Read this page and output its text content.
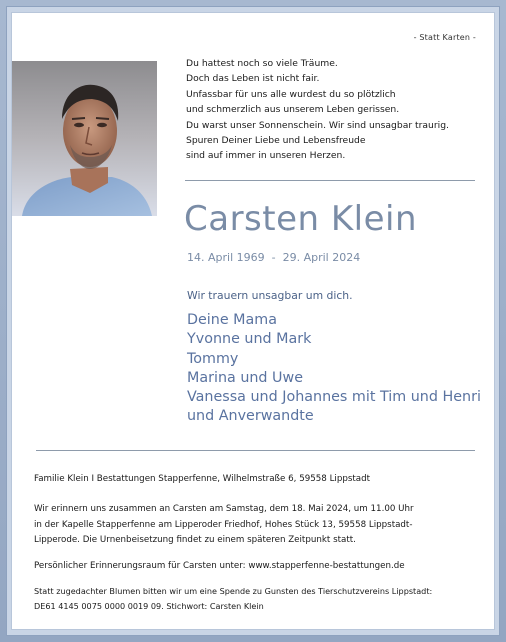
- Statt Karten -
Du hattest noch so viele Träume.
Doch das Leben ist nicht fair.
Unfassbar für uns alle wurdest du so plötzlich
und schmerzlich aus unserem Leben gerissen.
Du warst unser Sonnenschein. Wir sind unsagbar traurig.
Spuren Deiner Liebe und Lebensfreude
sind auf immer in unseren Herzen.
Carsten Klein
14. April 1969  -  29. April 2024
Wir trauern unsagbar um dich.
Deine Mama
Yvonne und Mark
Tommy
Marina und Uwe
Vanessa und Johannes mit Tim und Henri
und Anverwandte
Familie Klein I Bestattungen Stapperfenne, Wilhelmstraße 6, 59558 Lippstadt
Wir erinnern uns zusammen an Carsten am Samstag, dem 18. Mai 2024, um 11.00 Uhr
in der Kapelle Stapperfenne am Lipperoder Friedhof, Hohes Stück 13, 59558 Lippstadt-
Lipperode. Die Urnenbeisetzung findet zu einem späteren Zeitpunkt statt.
Persönlicher Erinnerungsraum für Carsten unter: www.stapperfenne-bestattungen.de
Statt zugedachter Blumen bitten wir um eine Spende zu Gunsten des Tierschutzvereins Lippstadt:
DE61 4145 0075 0000 0019 09. Stichwort: Carsten Klein
